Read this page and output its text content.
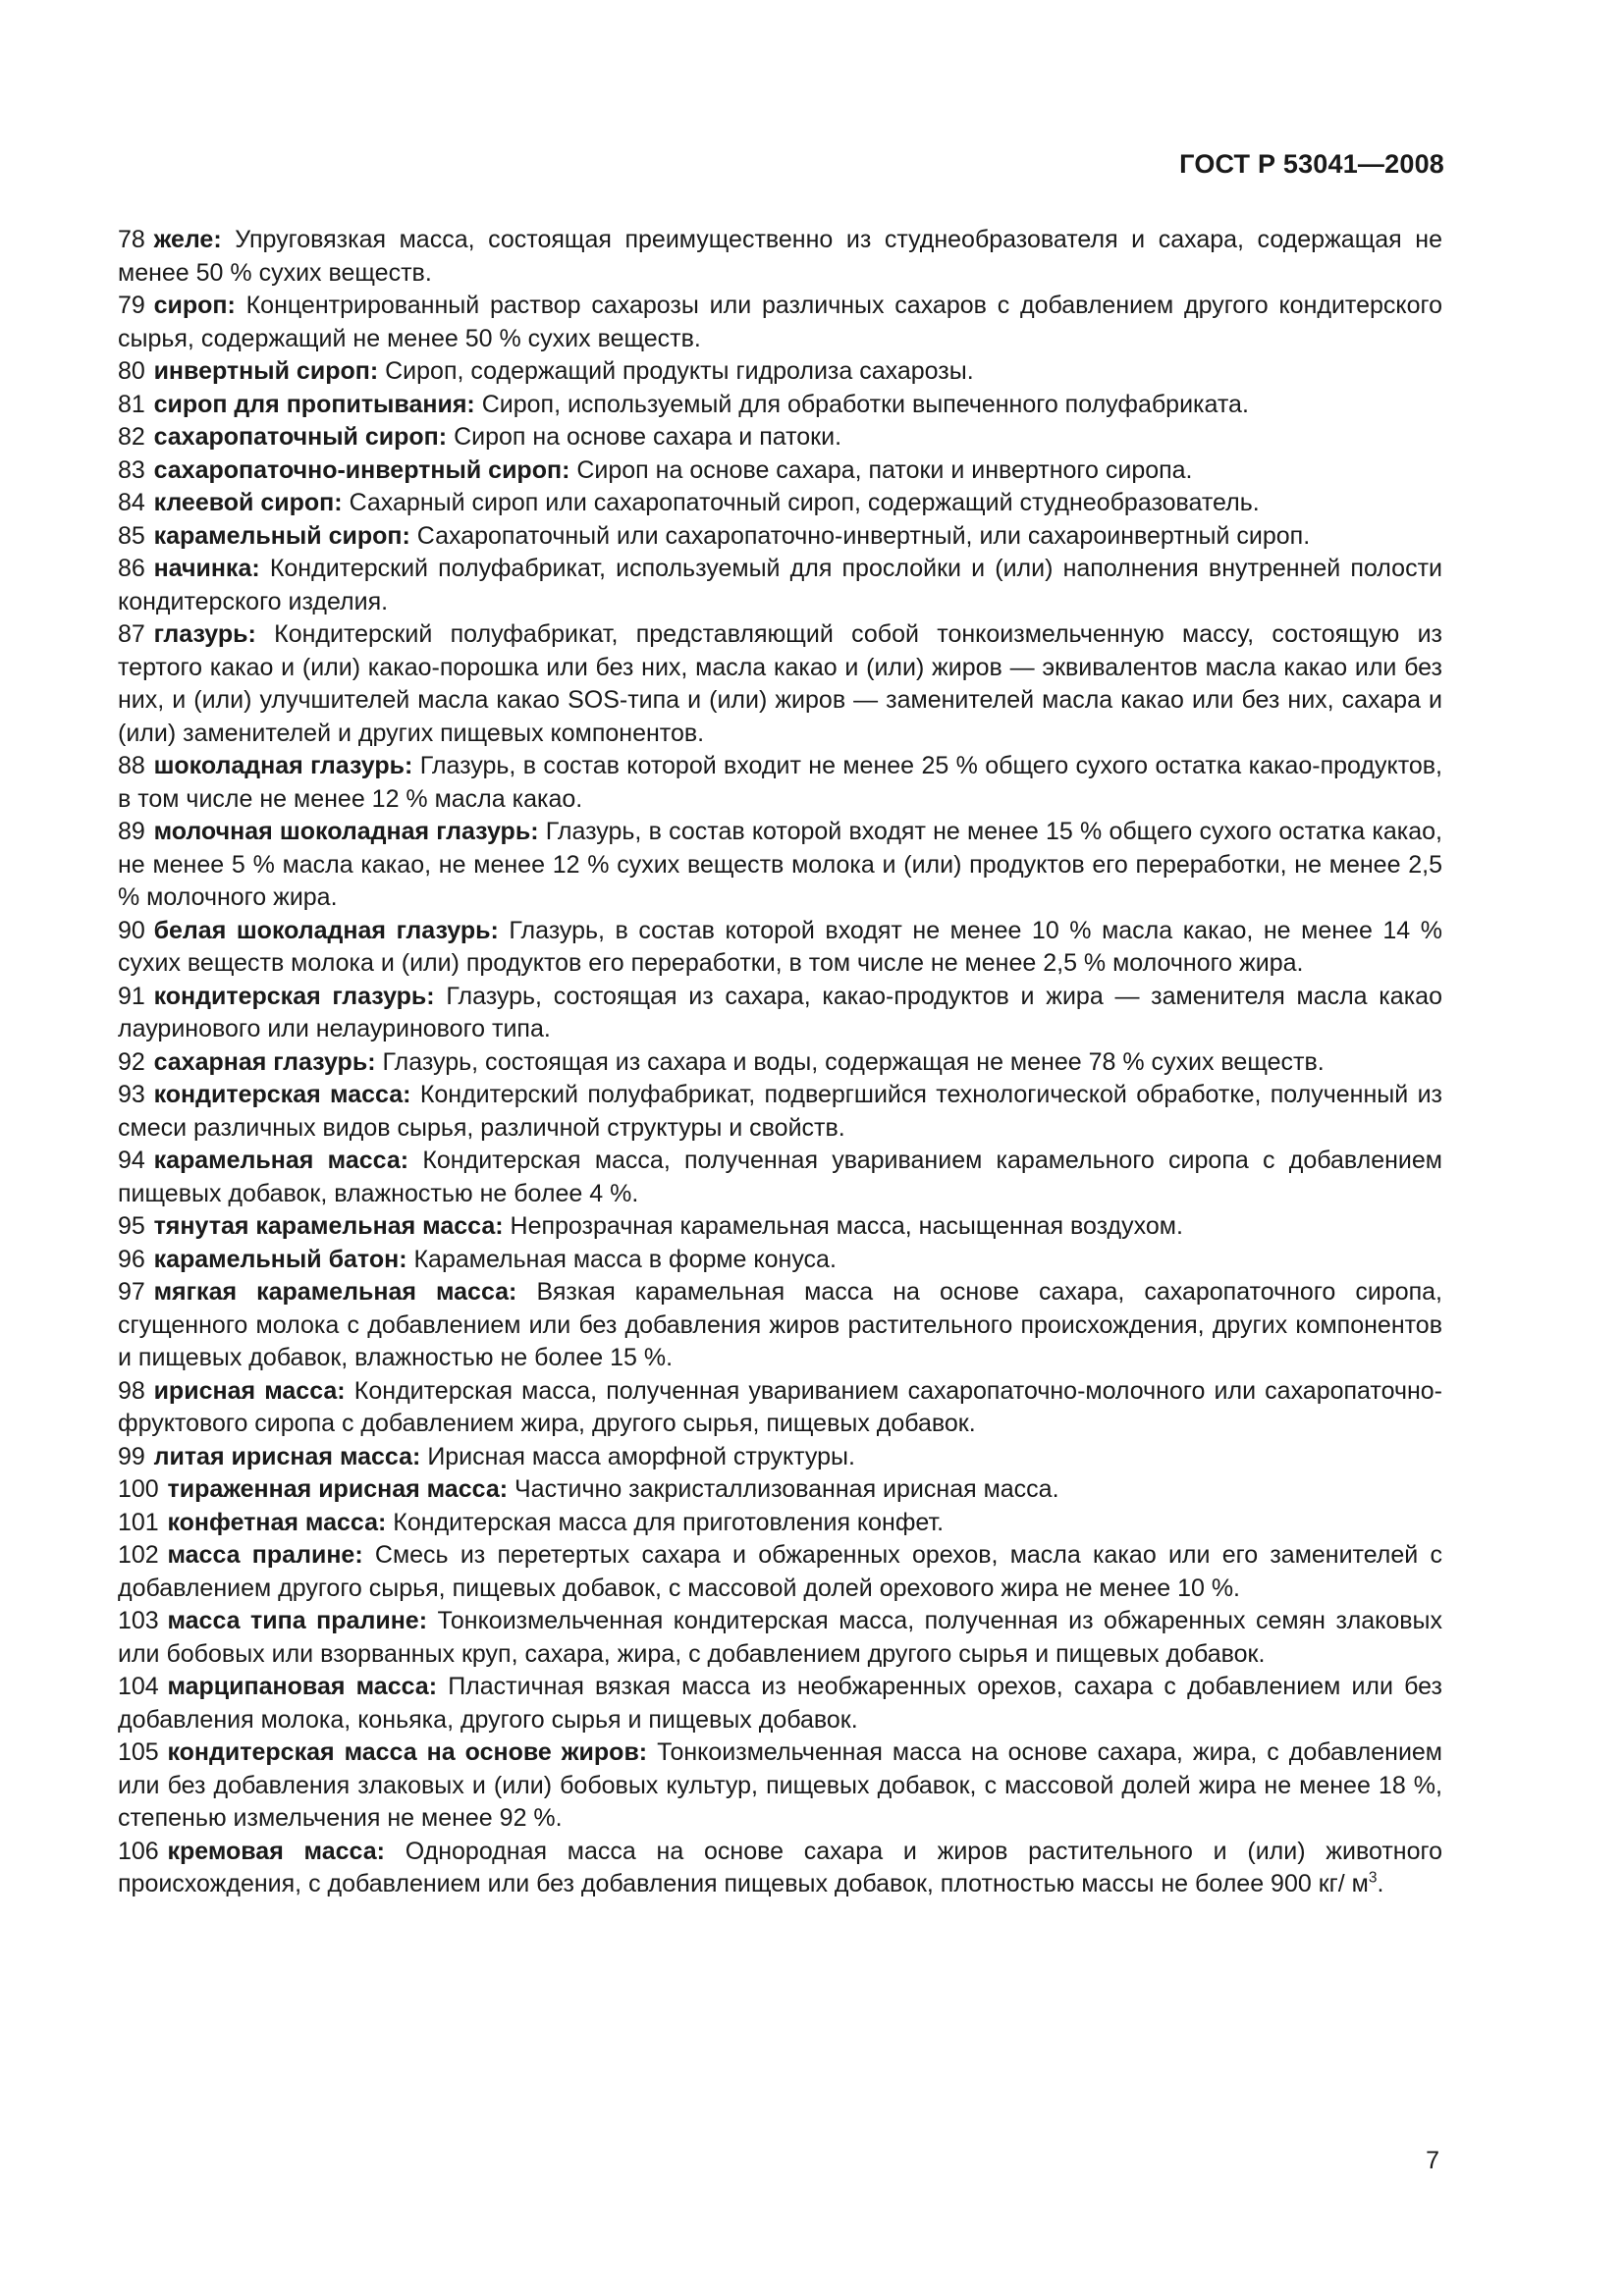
ГОСТ Р 53041—2008

78 желе: Упруговязкая масса, состоящая преимущественно из студнеобразователя и сахара, содержащая не менее 50 % сухих веществ.

79 сироп: Концентрированный раствор сахарозы или различных сахаров с добавлением другого кондитерского сырья, содержащий не менее 50 % сухих веществ.

80 инвертный сироп: Сироп, содержащий продукты гидролиза сахарозы.

81 сироп для пропитывания: Сироп, используемый для обработки выпеченного полуфабриката.

82 сахаропаточный сироп: Сироп на основе сахара и патоки.

83 сахаропаточно-инвертный сироп: Сироп на основе сахара, патоки и инвертного сиропа.

84 клеевой сироп: Сахарный сироп или сахаропаточный сироп, содержащий студнеобразователь.

85 карамельный сироп: Сахаропаточный или сахаропаточно-инвертный, или сахароинвертный сироп.

86 начинка: Кондитерский полуфабрикат, используемый для прослойки и (или) наполнения внутренней полости кондитерского изделия.

87 глазурь: Кондитерский полуфабрикат, представляющий собой тонкоизмельченную массу, состоящую из тертого какао и (или) какао-порошка или без них, масла какао и (или) жиров — эквивалентов масла какао или без них, и (или) улучшителей масла какао SOS-типа и (или) жиров — заменителей масла какао или без них, сахара и (или) заменителей и других пищевых компонентов.

88 шоколадная глазурь: Глазурь, в состав которой входит не менее 25 % общего сухого остатка какао-продуктов, в том числе не менее 12 % масла какао.

89 молочная шоколадная глазурь: Глазурь, в состав которой входят не менее 15 % общего сухого остатка какао, не менее 5 % масла какао, не менее 12 % сухих веществ молока и (или) продуктов его переработки, не менее 2,5 % молочного жира.

90 белая шоколадная глазурь: Глазурь, в состав которой входят не менее 10 % масла какао, не менее 14 % сухих веществ молока и (или) продуктов его переработки, в том числе не менее 2,5 % молочного жира.

91 кондитерская глазурь: Глазурь, состоящая из сахара, какао-продуктов и жира — заменителя масла какао лауринового или нелауринового типа.

92 сахарная глазурь: Глазурь, состоящая из сахара и воды, содержащая не менее 78 % сухих веществ.

93 кондитерская масса: Кондитерский полуфабрикат, подвергшийся технологической обработке, полученный из смеси различных видов сырья, различной структуры и свойств.

94 карамельная масса: Кондитерская масса, полученная увариванием карамельного сиропа с добавлением пищевых добавок, влажностью не более 4 %.

95 тянутая карамельная масса: Непрозрачная карамельная масса, насыщенная воздухом.

96 карамельный батон: Карамельная масса в форме конуса.

97 мягкая карамельная масса: Вязкая карамельная масса на основе сахара, сахаропаточного сиропа, сгущенного молока с добавлением или без добавления жиров растительного происхождения, других компонентов и пищевых добавок, влажностью не более 15 %.

98 ирисная масса: Кондитерская масса, полученная увариванием сахаропаточно-молочного или сахаропаточно-фруктового сиропа с добавлением жира, другого сырья, пищевых добавок.

99 литая ирисная масса: Ирисная масса аморфной структуры.

100 тираженная ирисная масса: Частично закристаллизованная ирисная масса.

101 конфетная масса: Кондитерская масса для приготовления конфет.

102 масса пралине: Смесь из перетертых сахара и обжаренных орехов, масла какао или его заменителей с добавлением другого сырья, пищевых добавок, с массовой долей орехового жира не менее 10 %.

103 масса типа пралине: Тонкоизмельченная кондитерская масса, полученная из обжаренных семян злаковых или бобовых или взорванных круп, сахара, жира, с добавлением другого сырья и пищевых добавок.

104 марципановая масса: Пластичная вязкая масса из необжаренных орехов, сахара с добавлением или без добавления молока, коньяка, другого сырья и пищевых добавок.

105 кондитерская масса на основе жиров: Тонкоизмельченная масса на основе сахара, жира, с добавлением или без добавления злаковых и (или) бобовых культур, пищевых добавок, с массовой долей жира не менее 18 %, степенью измельчения не менее 92 %.

106 кремовая масса: Однородная масса на основе сахара и жиров растительного и (или) животного происхождения, с добавлением или без добавления пищевых добавок, плотностью массы не более 900 кг/ $м^3$.

7
